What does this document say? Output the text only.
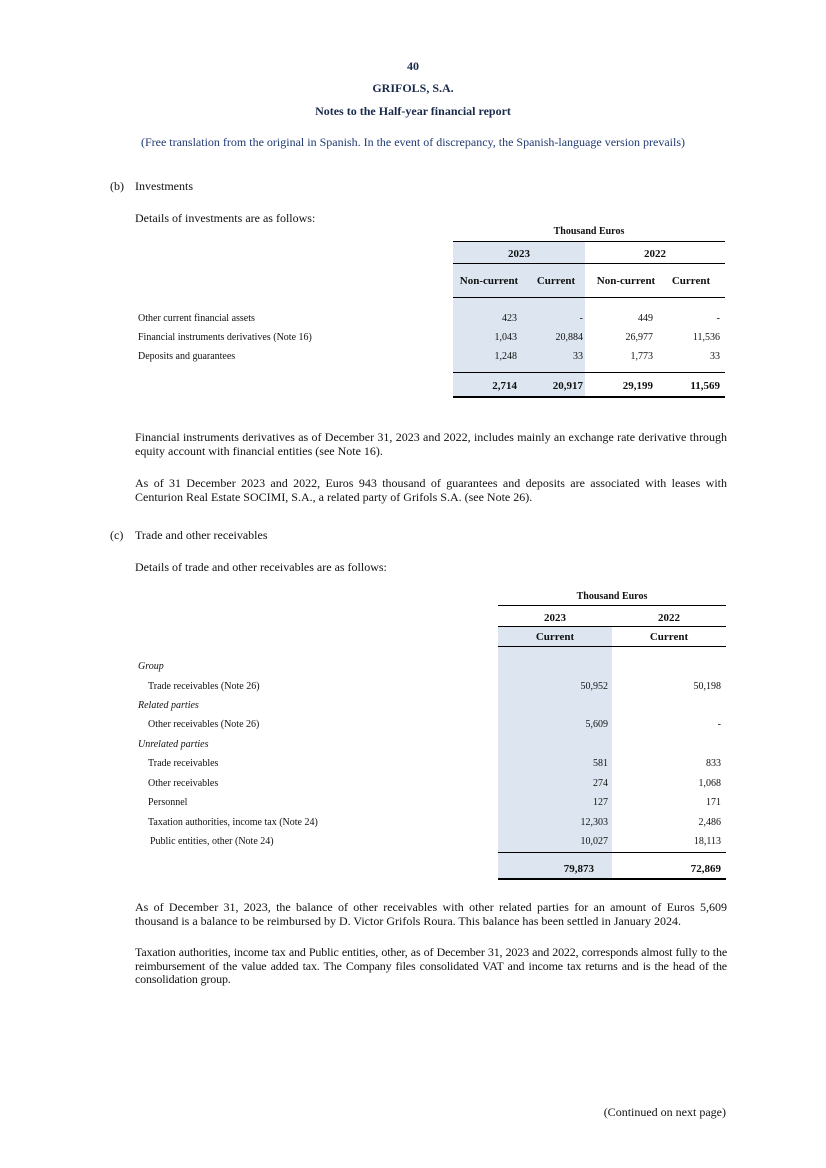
40
GRIFOLS, S.A.
Notes to the Half-year financial report
(Free translation from the original in Spanish. In the event of discrepancy, the Spanish-language version prevails)
(b) Investments
Details of investments are as follows:
Thousand Euros
2023	2022
Non-current	Current	Non-current	Current
Other current financial assets	423	-	449	-
Financial instruments derivatives (Note 16)	1,043	20,884	26,977	11,536
Deposits and guarantees	1,248	33	1,773	33
2,714	20,917	29,199	11,569

Financial instruments derivatives as of December 31, 2023 and 2022, includes mainly an exchange rate derivative through equity account with financial entities (see Note 16).

As of 31 December 2023 and 2022, Euros 943 thousand of guarantees and deposits are associated with leases with Centurion Real Estate SOCIMI, S.A., a related party of Grifols S.A. (see Note 26).

(c) Trade and other receivables
Details of trade and other receivables are as follows:
Thousand Euros
2023	2022
Current	Current
Group
Trade receivables (Note 26)	50,952	50,198
Related parties
Other receivables (Note 26)	5,609	-
Unrelated parties
Trade receivables	581	833
Other receivables	274	1,068
Personnel	127	171
Taxation authorities, income tax (Note 24)	12,303	2,486
Public entities, other (Note 24)	10,027	18,113
79,873	72,869

As of December 31, 2023, the balance of other receivables with other related parties for an amount of Euros 5,609 thousand is a balance to be reimbursed by D. Victor Grifols Roura. This balance has been settled in January 2024.

Taxation authorities, income tax and Public entities, other, as of December 31, 2023 and 2022, corresponds almost fully to the reimbursement of the value added tax. The Company files consolidated VAT and income tax returns and is the head of the consolidation group.

(Continued on next page)
